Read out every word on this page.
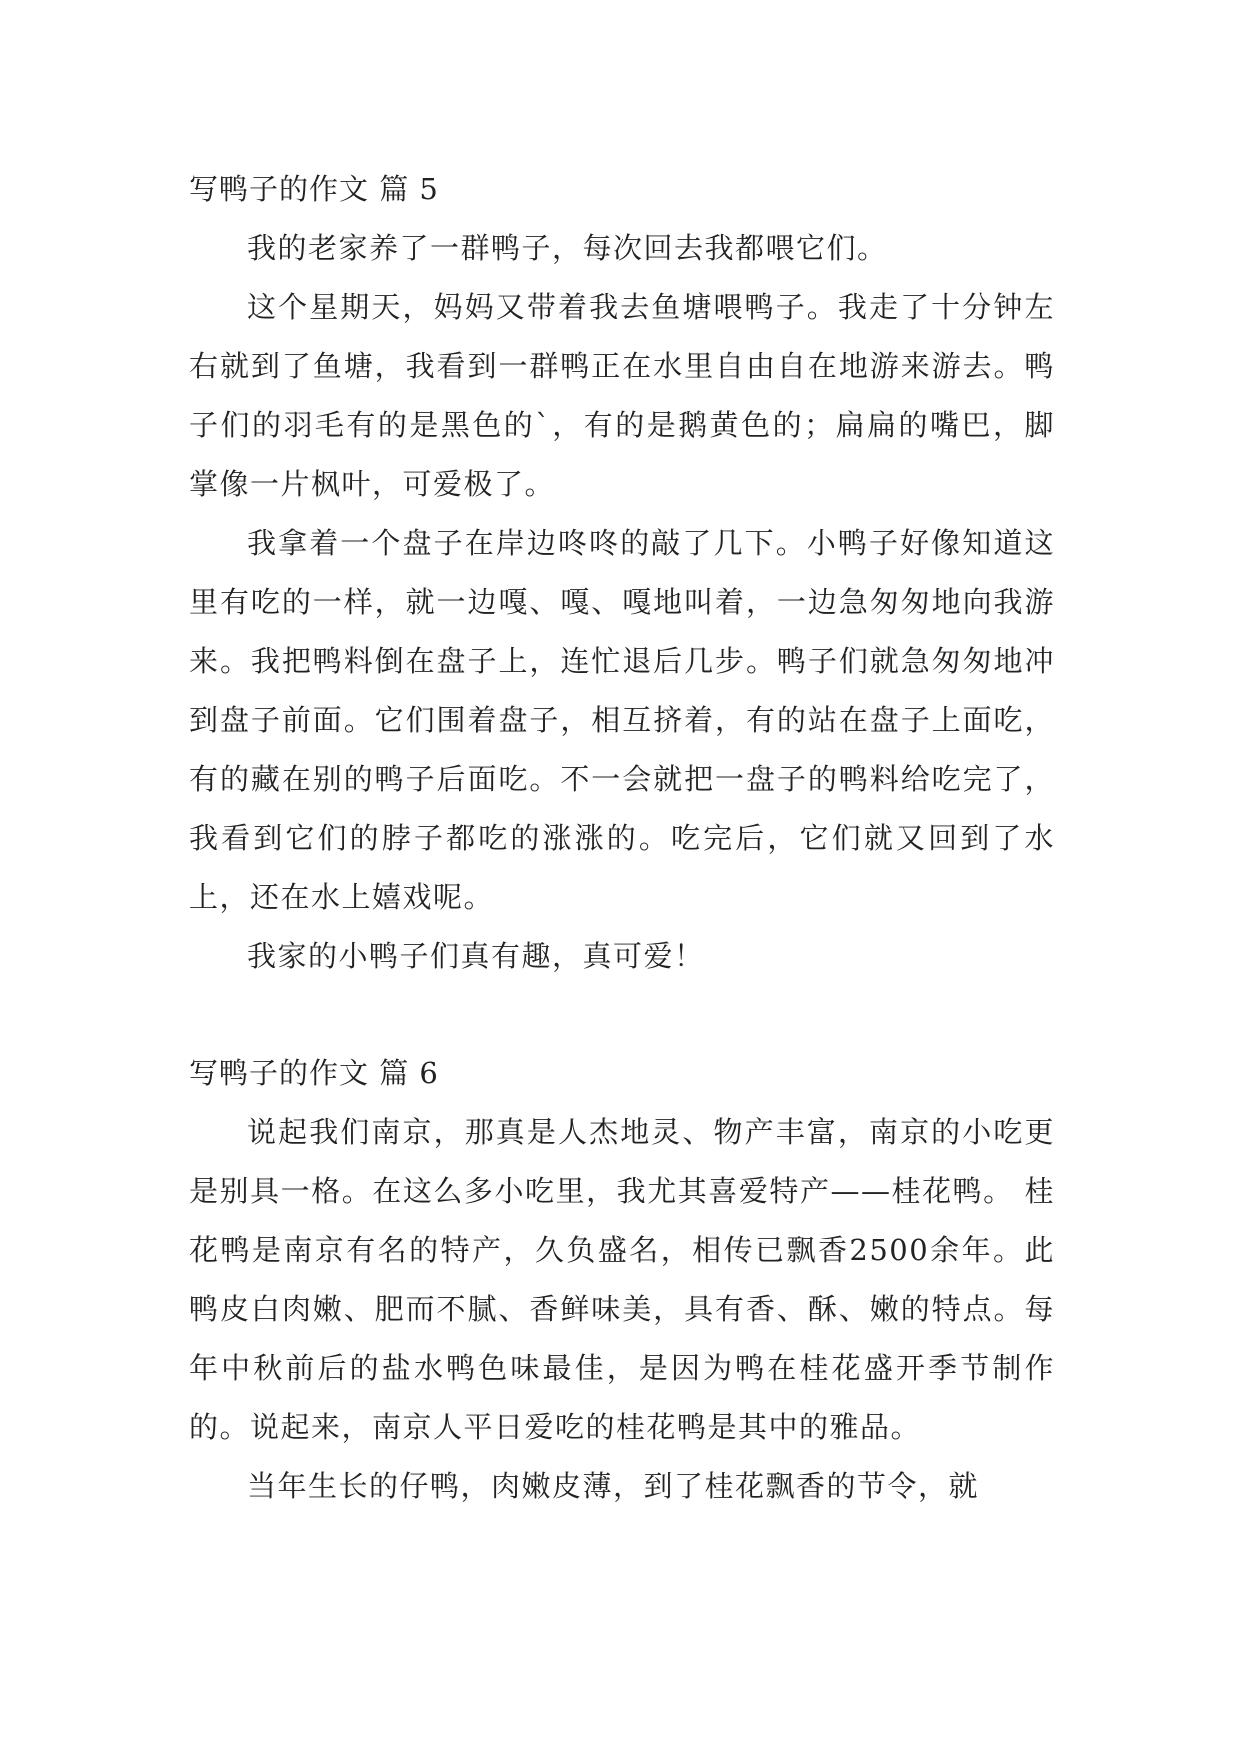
写鸭子的作文 篇 5

我的老家养了一群鸭子，每次回去我都喂它们。

这个星期天，妈妈又带着我去鱼塘喂鸭子。我走了十分钟左右就到了鱼塘，我看到一群鸭正在水里自由自在地游来游去。鸭子们的羽毛有的是黑色的`，有的是鹅黄色的；扁扁的嘴巴，脚掌像一片枫叶，可爱极了。

我拿着一个盘子在岸边咚咚的敲了几下。小鸭子好像知道这里有吃的一样，就一边嘎、嘎、嘎地叫着，一边急匆匆地向我游来。我把鸭料倒在盘子上，连忙退后几步。鸭子们就急匆匆地冲到盘子前面。它们围着盘子，相互挤着，有的站在盘子上面吃，有的藏在别的鸭子后面吃。不一会就把一盘子的鸭料给吃完了，我看到它们的脖子都吃的涨涨的。吃完后，它们就又回到了水上，还在水上嬉戏呢。

我家的小鸭子们真有趣，真可爱！

写鸭子的作文 篇 6

说起我们南京，那真是人杰地灵、物产丰富，南京的小吃更是别具一格。在这么多小吃里，我尤其喜爱特产——桂花鸭。 桂花鸭是南京有名的特产，久负盛名，相传已飘香2500余年。此鸭皮白肉嫩、肥而不腻、香鲜味美，具有香、酥、嫩的特点。每年中秋前后的盐水鸭色味最佳，是因为鸭在桂花盛开季节制作的。说起来，南京人平日爱吃的桂花鸭是其中的雅品。

当年生长的仔鸭，肉嫩皮薄，到了桂花飘香的节令，就
